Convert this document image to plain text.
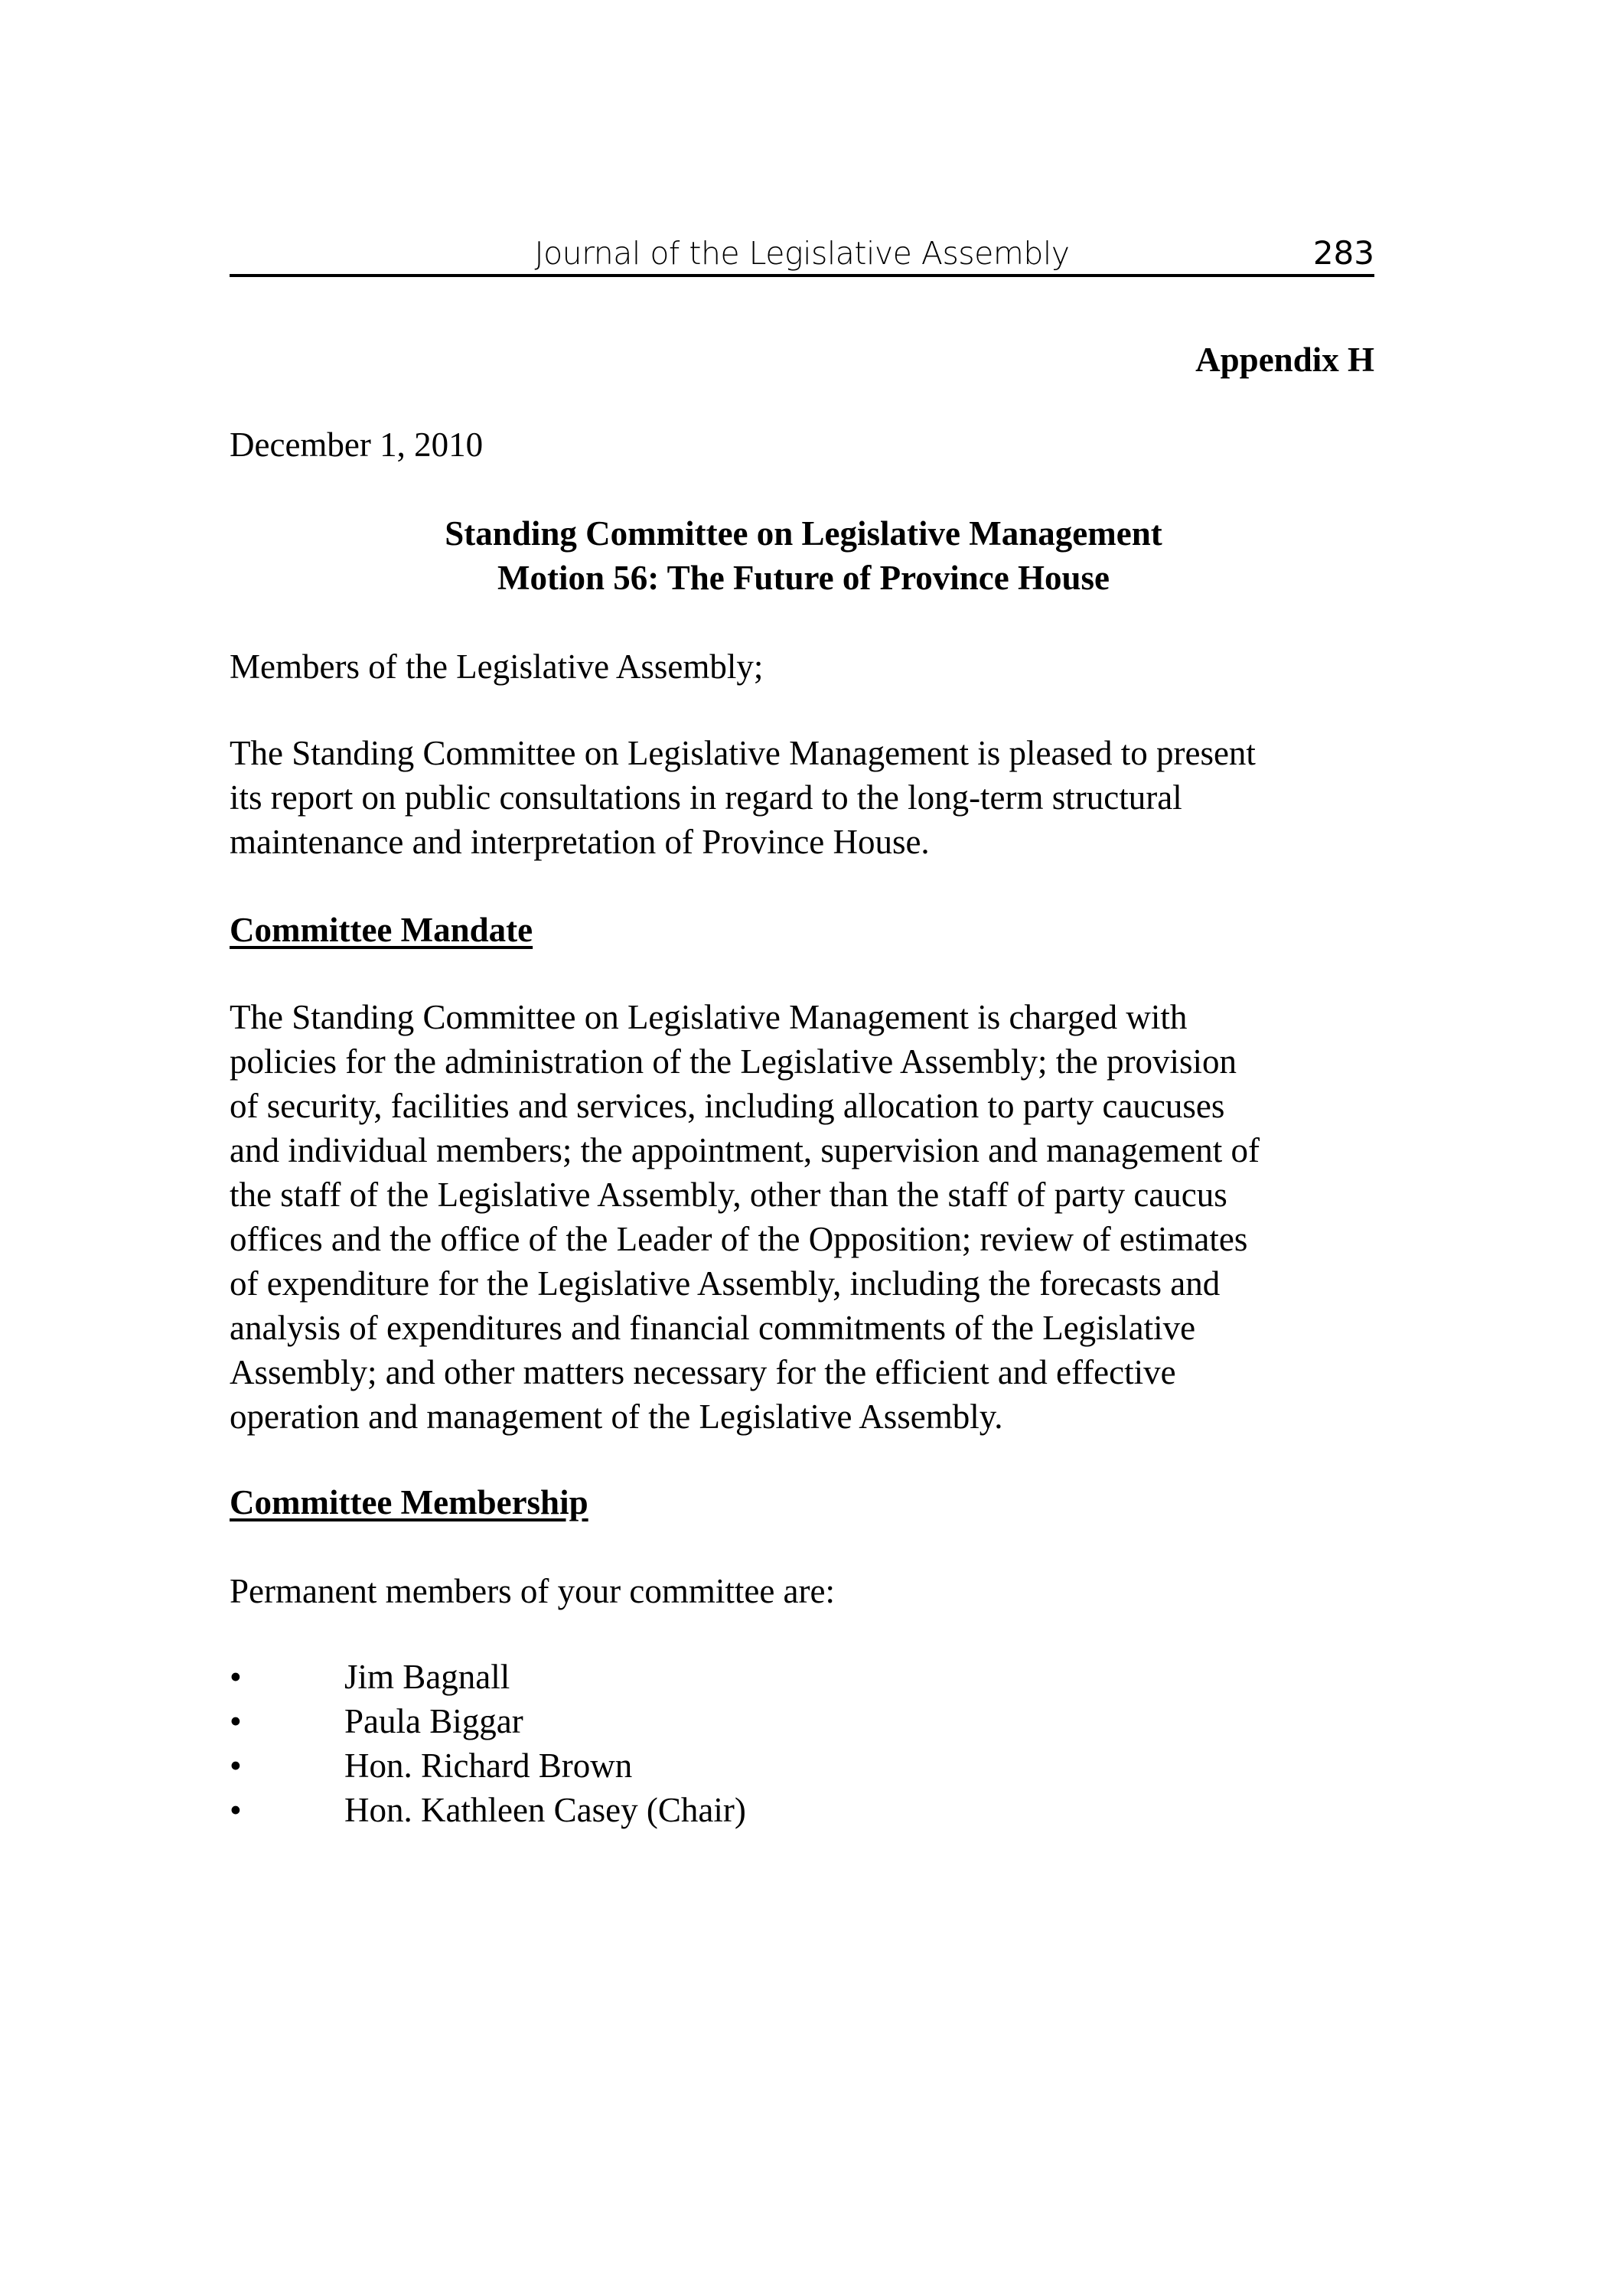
Journal of the Legislative Assembly	283
Appendix H
December 1, 2010
Standing Committee on Legislative Management
Motion 56: The Future of Province House
Members of the Legislative Assembly;
The Standing Committee on Legislative Management is pleased to present
its report on public consultations in regard to the long-term structural
maintenance and interpretation of Province House.
Committee Mandate
The Standing Committee on Legislative Management is charged with
policies for the administration of the Legislative Assembly; the provision
of security, facilities and services, including allocation to party caucuses
and individual members; the appointment, supervision and management of
the staff of the Legislative Assembly, other than the staff of party caucus
offices and the office of the Leader of the Opposition; review of estimates
of expenditure for the Legislative Assembly, including the forecasts and
analysis of expenditures and financial commitments of the Legislative
Assembly; and other matters necessary for the efficient and effective
operation and management of the Legislative Assembly.
Committee Membership
Permanent members of your committee are:
•	Jim Bagnall
•	Paula Biggar
•	Hon. Richard Brown
•	Hon. Kathleen Casey (Chair)
